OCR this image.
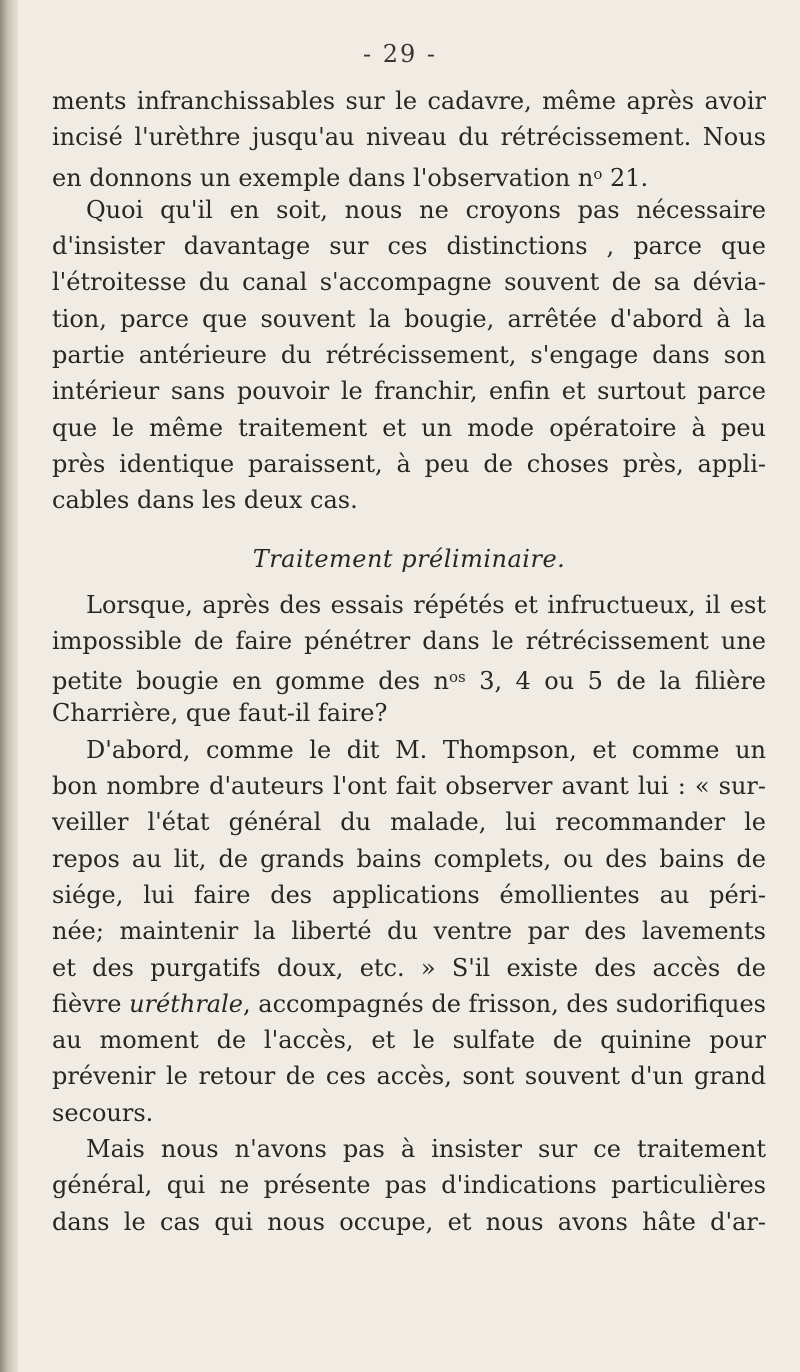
- 29 -
ments infranchissables sur le cadavre, même après avoir
incisé l'urèthre jusqu'au niveau du rétrécissement. Nous
en donnons un exemple dans l'observation $n^o$ 21.
Quoi qu'il en soit, nous ne croyons pas nécessaire
d'insister davantage sur ces distinctions , parce que
l'étroitesse du canal s'accompagne souvent de sa dévia-
tion, parce que souvent la bougie, arrêtée d'abord à la
partie antérieure du rétrécissement, s'engage dans son
intérieur sans pouvoir le franchir, enfin et surtout parce
que le même traitement et un mode opératoire à peu
près identique paraissent, à peu de choses près, appli-
cables dans les deux cas.
Traitement préliminaire.
Lorsque, après des essais répétés et infructueux, il est
impossible de faire pénétrer dans le rétrécissement une
petite bougie en gomme des $n^{os}$ 3, 4 ou 5 de la filière
Charrière, que faut-il faire?
D'abord, comme le dit M. Thompson, et comme un
bon nombre d'auteurs l'ont fait observer avant lui : « sur-
veiller l'état général du malade, lui recommander le
repos au lit, de grands bains complets, ou des bains de
siége, lui faire des applications émollientes au péri-
née; maintenir la liberté du ventre par des lavements
et des purgatifs doux, etc. » S'il existe des accès de
fièvre uréthrale, accompagnés de frisson, des sudorifiques
au moment de l'accès, et le sulfate de quinine pour
prévenir le retour de ces accès, sont souvent d'un grand
secours.
Mais nous n'avons pas à insister sur ce traitement
général, qui ne présente pas d'indications particulières
dans le cas qui nous occupe, et nous avons hâte d'ar-
